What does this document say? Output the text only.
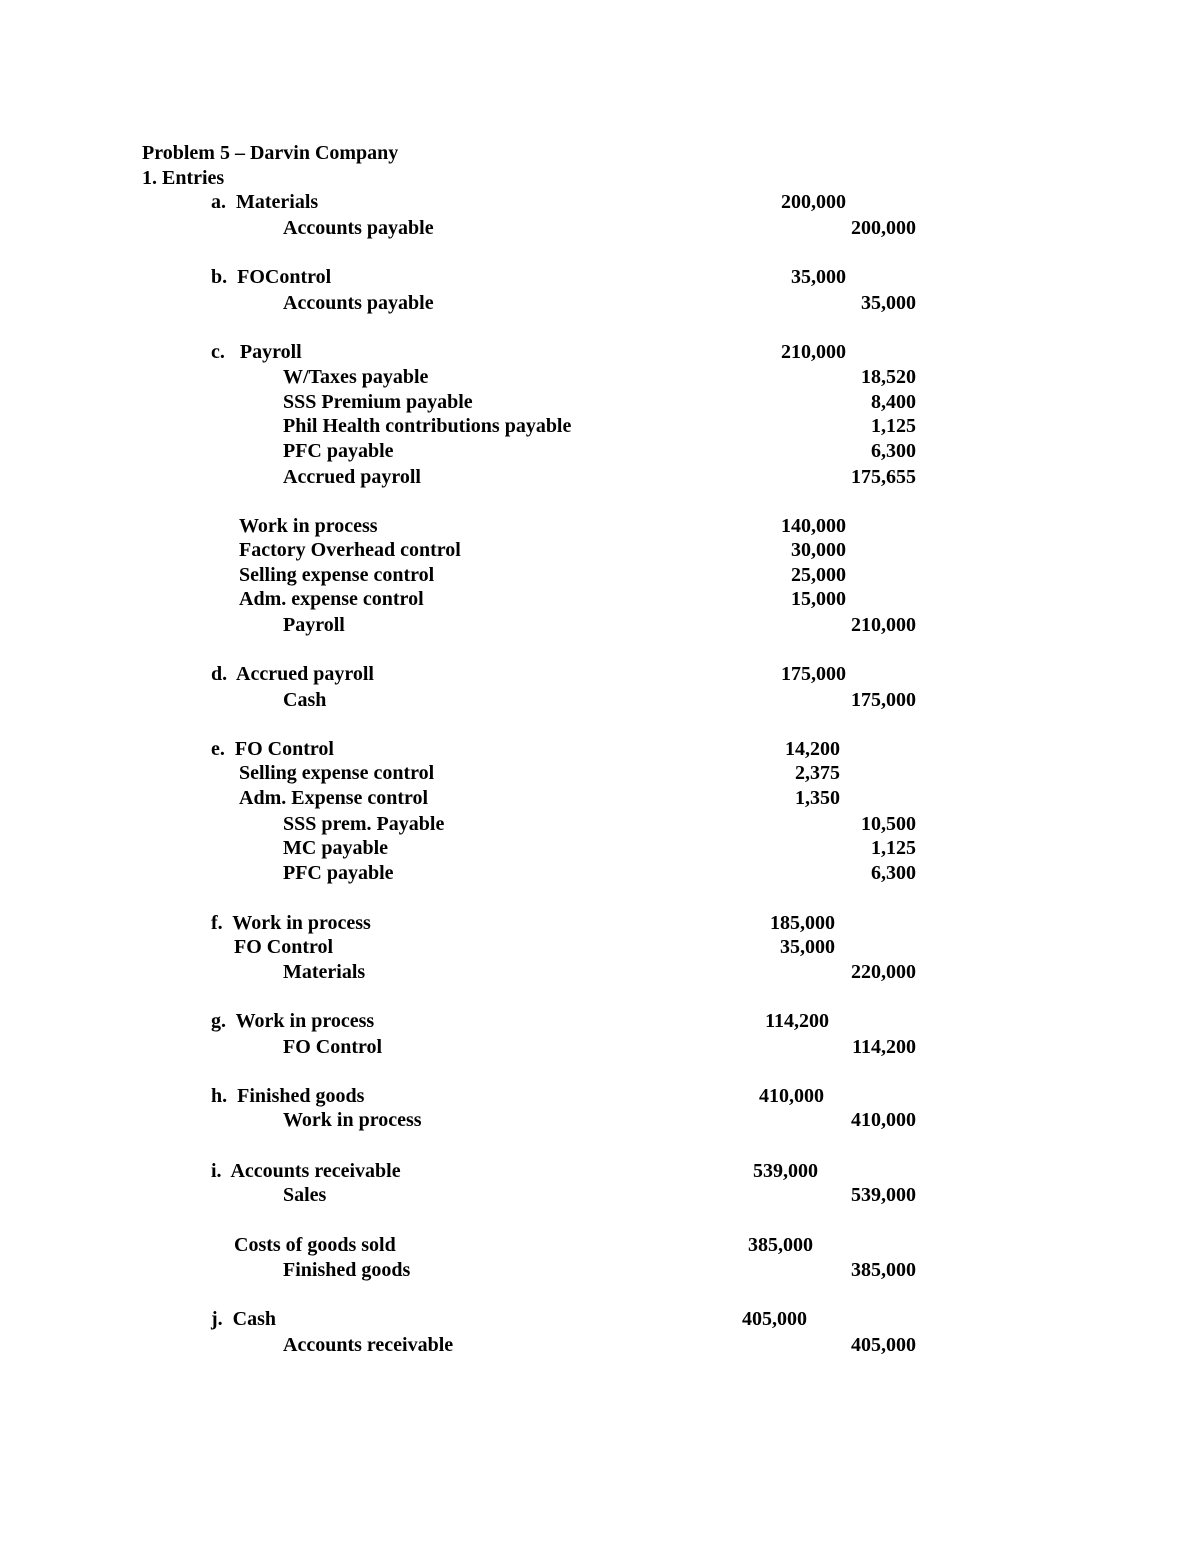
Problem 5 – Darvin Company
1. Entries
a.  Materials	200,000
Accounts payable	200,000
b.  FOControl	35,000
Accounts payable	35,000
c.   Payroll	210,000
W/Taxes payable	18,520
SSS Premium payable	8,400
Phil Health contributions payable	1,125
PFC payable	6,300
Accrued payroll	175,655
Work in process	140,000
Factory Overhead control	30,000
Selling expense control	25,000
Adm. expense control	15,000
Payroll	210,000
d.  Accrued payroll	175,000
Cash	175,000
e.  FO Control	14,200
Selling expense control	2,375
Adm. Expense control	1,350
SSS prem. Payable	10,500
MC payable	1,125
PFC payable	6,300
f.  Work in process	185,000
FO Control	35,000
Materials	220,000
g.  Work in process	114,200
FO Control	114,200
h.  Finished goods	410,000
Work in process	410,000
i.  Accounts receivable	539,000
Sales	539,000
Costs of goods sold	385,000
Finished goods	385,000
j.  Cash	405,000
Accounts receivable	405,000
